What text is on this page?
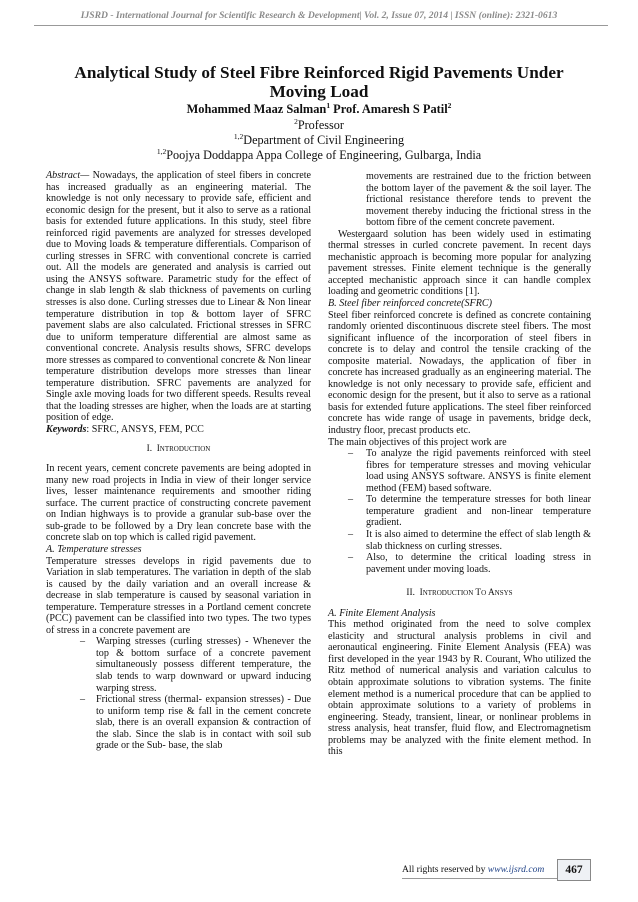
IJSRD - International Journal for Scientific Research & Development| Vol. 2, Issue 07, 2014 | ISSN (online): 2321-0613
Analytical Study of Steel Fibre Reinforced Rigid Pavements Under Moving Load
Mohammed Maaz Salman$^1$ Prof. Amaresh S Patil$^2$
$^2$Professor
$^{1,2}$Department of Civil Engineering
$^{1,2}$Poojya Doddappa Appa College of Engineering, Gulbarga, India

Abstract— Nowadays, the application of steel fibers in concrete has increased gradually as an engineering material. The knowledge is not only necessary to provide safe, efficient and economic design for the present, but it also to serve as a rational basis for extended future applications. In this study, steel fibre reinforced rigid pavements are analyzed for stresses developed due to Moving loads & temperature differentials. Comparison of curling stresses in SFRC with conventional concrete is carried out. All the models are generated and analysis is carried out using the ANSYS software. Parametric study for the effect of change in slab length & slab thickness of pavements on curling stresses is also done. Curling stresses due to Linear & Non linear temperature distribution in top & bottom layer of SFRC pavement slabs are also calculated. Frictional stresses in SFRC due to uniform temperature differential are almost same as conventional concrete. Analysis results shows, SFRC develops more stresses as compared to conventional concrete & Non linear temperature distribution develops more stresses than linear temperature distribution. SFRC pavements are analyzed for Single axle moving loads for two different speeds. Results reveal that the loading stresses are higher, when the loads are at starting position of edge.

Keywords: SFRC, ANSYS, FEM, PCC

I. Introduction

In recent years, cement concrete pavements are being adopted in many new road projects in India in view of their longer service lives, lesser maintenance requirements and smoother riding surface. The current practice of constructing concrete pavement on Indian highways is to provide a granular sub-base over the sub-grade to be followed by a Dry lean concrete base with the concrete slab on top which is called rigid pavement.

A. Temperature stresses

Temperature stresses develops in rigid pavements due to Variation in slab temperatures. The variation in depth of the slab is caused by the daily variation and an overall increase & decrease in slab temperature is caused by seasonal variation in temperature. Temperature stresses in a Portland cement concrete (PCC) pavement can be classified into two types. The two types of stress in a concrete pavement are

– Warping stresses (curling stresses) - Whenever the top & bottom surface of a concrete pavement simultaneously possess different temperature, the slab tends to warp downward or upward inducing warping stress.
– Frictional stress (thermal- expansion stresses) - Due to uniform temp rise & fall in the cement concrete slab, there is an overall expansion & contraction of the slab. Since the slab is in contact with soil sub grade or the Sub- base, the slab

movements are restrained due to the friction between the bottom layer of the pavement & the soil layer. The frictional resistance therefore tends to prevent the movement thereby inducing the frictional stress in the bottom fibre of the cement concrete pavement.

Westergaard solution has been widely used in estimating thermal stresses in curled concrete pavement. In recent days mechanistic approach is becoming more popular for analyzing pavement stresses. Finite element technique is the generally accepted mechanistic approach since it can handle complex loading and geometric conditions [1].

B. Steel fiber reinforced concrete(SFRC)

Steel fiber reinforced concrete is defined as concrete containing randomly oriented discontinuous discrete steel fibers. The most significant influence of the incorporation of steel fibers in concrete is to delay and control the tensile cracking of the composite material. Nowadays, the application of fiber in concrete has increased gradually as an engineering material. The knowledge is not only necessary to provide safe, efficient and economic design for the present, but it also to serve as a rational basis for extended future applications. The steel fiber reinforced concrete has wide range of usage in pavements, bridge deck, industry floor, precast products etc.

The main objectives of this project work are

– To analyze the rigid pavements reinforced with steel fibres for temperature stresses and moving vehicular load using ANSYS software. ANSYS is finite element method (FEM) based software.
– To determine the temperature stresses for both linear temperature gradient and non-linear temperature gradient.
– It is also aimed to determine the effect of slab length & slab thickness on curling stresses.
– Also, to determine the critical loading stress in pavement under moving loads.

II. Introduction To Ansys

A. Finite Element Analysis

This method originated from the need to solve complex elasticity and structural analysis problems in civil and aeronautical engineering. Finite Element Analysis (FEA) was first developed in the year 1943 by R. Courant, Who utilized the Ritz method of numerical analysis and variation calculus to obtain approximate solutions to vibration systems. The finite element method is a numerical procedure that can be applied to obtain approximate solutions to a variety of problems in engineering. Steady, transient, linear, or nonlinear problems in stress analysis, heat transfer, fluid flow, and Electromagnetism problems may be analyzed with the finite element method. In this

All rights reserved by www.ijsrd.com	467
